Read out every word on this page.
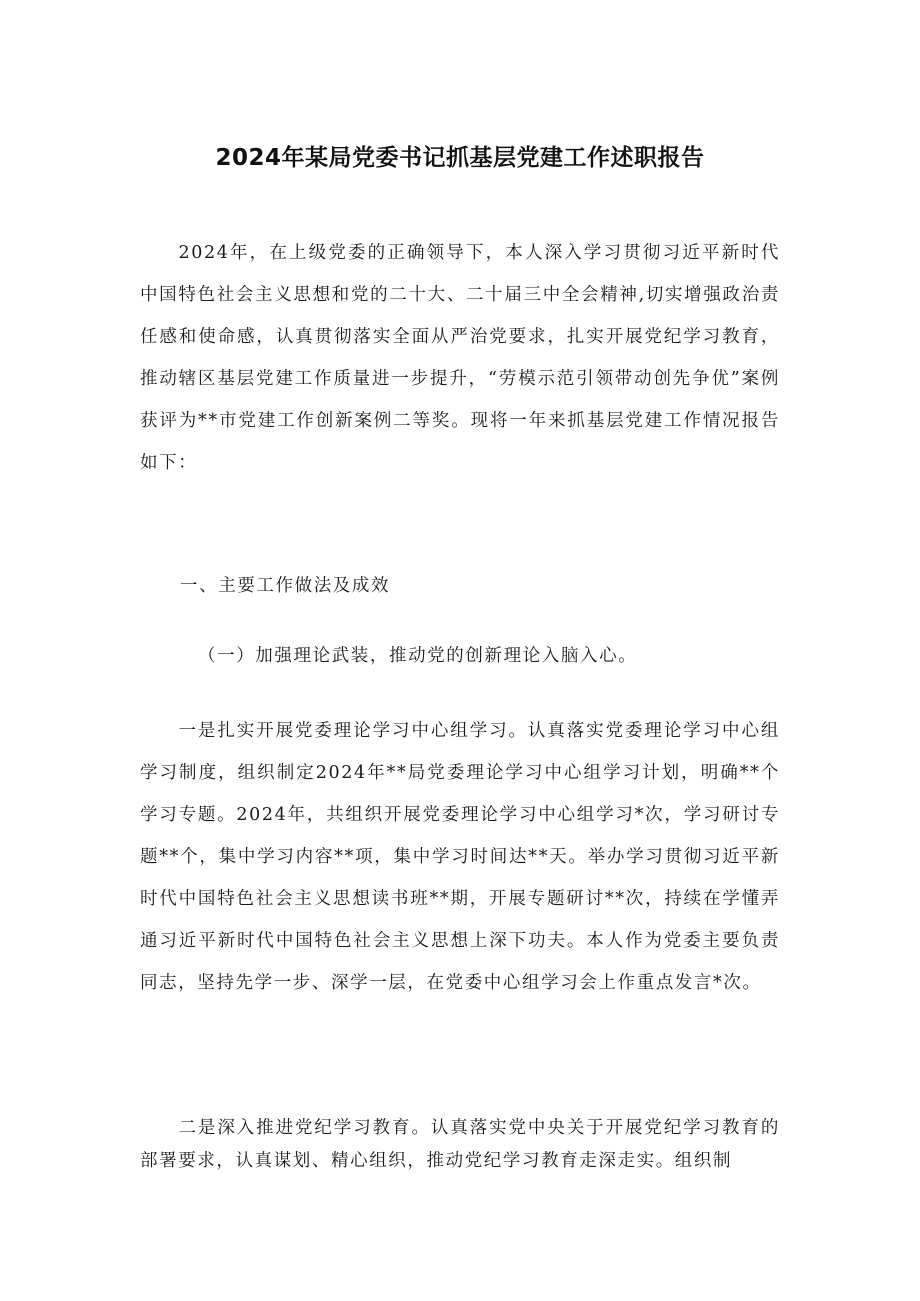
2024年某局党委书记抓基层党建工作述职报告

2024年，在上级党委的正确领导下，本人深入学习贯彻习近平新时代中国特色社会主义思想和党的二十大、二十届三中全会精神,切实增强政治责任感和使命感，认真贯彻落实全面从严治党要求，扎实开展党纪学习教育，推动辖区基层党建工作质量进一步提升，“劳模示范引领带动创先争优”案例获评为**市党建工作创新案例二等奖。现将一年来抓基层党建工作情况报告如下：

一、主要工作做法及成效

（一）加强理论武装，推动党的创新理论入脑入心。

一是扎实开展党委理论学习中心组学习。认真落实党委理论学习中心组学习制度，组织制定2024年**局党委理论学习中心组学习计划，明确**个学习专题。2024年，共组织开展党委理论学习中心组学习*次，学习研讨专题**个，集中学习内容**项，集中学习时间达**天。举办学习贯彻习近平新时代中国特色社会主义思想读书班**期，开展专题研讨**次，持续在学懂弄通习近平新时代中国特色社会主义思想上深下功夫。本人作为党委主要负责同志，坚持先学一步、深学一层，在党委中心组学习会上作重点发言*次。

二是深入推进党纪学习教育。认真落实党中央关于开展党纪学习教育的部署要求，认真谋划、精心组织，推动党纪学习教育走深走实。组织制
